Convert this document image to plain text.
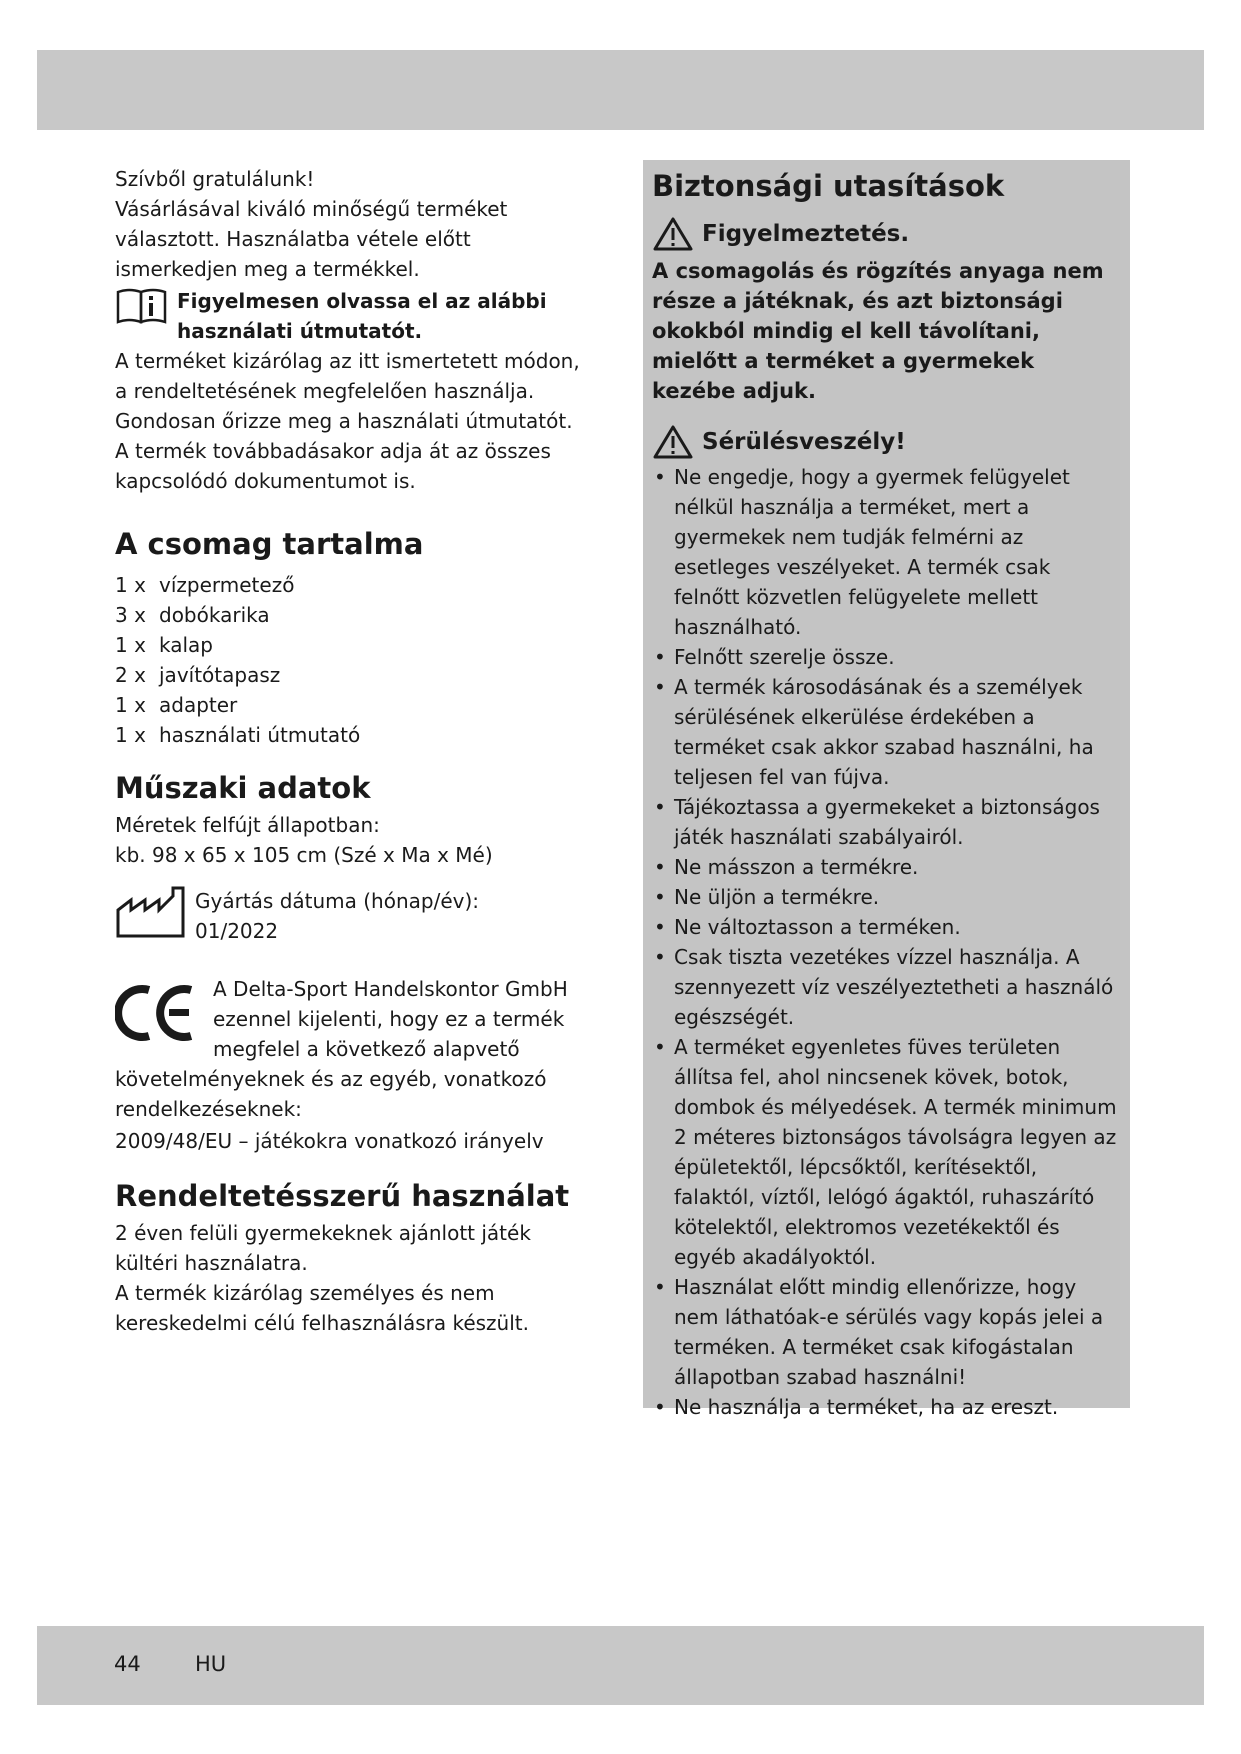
Szívből gratulálunk!

Vásárlásával kiváló minőségű terméket választott. Használatba vétele előtt ismerkedjen meg a termékkel.

Figyelmesen olvassa el az alábbi használati útmutatót.

A terméket kizárólag az itt ismertetett módon, a rendeltetésének megfelelően használja. Gondosan őrizze meg a használati útmutatót. A termék továbbadásakor adja át az összes kapcsolódó dokumentumot is.

A csomag tartalma

1 x vízpermetező
3 x dobókarika
1 x kalap
2 x javítótapasz
1 x adapter
1 x használati útmutató

Műszaki adatok

Méretek felfújt állapotban:

kb. 98 x 65 x 105 cm (Szé x Ma x Mé)

Gyártás dátuma (hónap/év):

01/2022

A Delta-Sport Handelskontor GmbH ezennel kijelenti, hogy ez a termék megfelel a következő alapvető követelményeknek és az egyéb, vonatkozó rendelkezéseknek:

2009/48/EU – játékokra vonatkozó irányelv

Rendeltetésszerű használat

2 éven felüli gyermekeknek ajánlott játék kültéri használatra.

A termék kizárólag személyes és nem kereskedelmi célú felhasználásra készült.

Biztonsági utasítások

Figyelmeztetés.

A csomagolás és rögzítés anyaga nem része a játéknak, és azt biztonsági okokból mindig el kell távolítani, mielőtt a terméket a gyermekek kezébe adjuk.

Sérülésveszély!
• Ne engedje, hogy a gyermek felügyelet nélkül használja a terméket, mert a gyermekek nem tudják felmérni az esetleges veszélyeket. A termék csak felnőtt közvetlen felügyelete mellett használható.
• Felnőtt szerelje össze.
• A termék károsodásának és a személyek sérülésének elkerülése érdekében a terméket csak akkor szabad használni, ha teljesen fel van fújva.
• Tájékoztassa a gyermekeket a biztonságos játék használati szabályairól.
• Ne másszon a termékre.
• Ne üljön a termékre.
• Ne változtasson a terméken.
• Csak tiszta vezetékes vízzel használja. A szennyezett víz veszélyeztetheti a használó egészségét.
• A terméket egyenletes füves területen állítsa fel, ahol nincsenek kövek, botok, dombok és mélyedések. A termék minimum 2 méteres biztonságos távolságra legyen az épületektől, lépcsőktől, kerítésektől, falaktól, víztől, lelógó ágaktól, ruhaszárító kötelektől, elektromos vezetékektől és egyéb akadályoktól.
• Használat előtt mindig ellenőrizze, hogy nem láthatóak-e sérülés vagy kopás jelei a terméken. A terméket csak kifogástalan állapotban szabad használni!
• Ne használja a terméket, ha az ereszt.
44	HU
